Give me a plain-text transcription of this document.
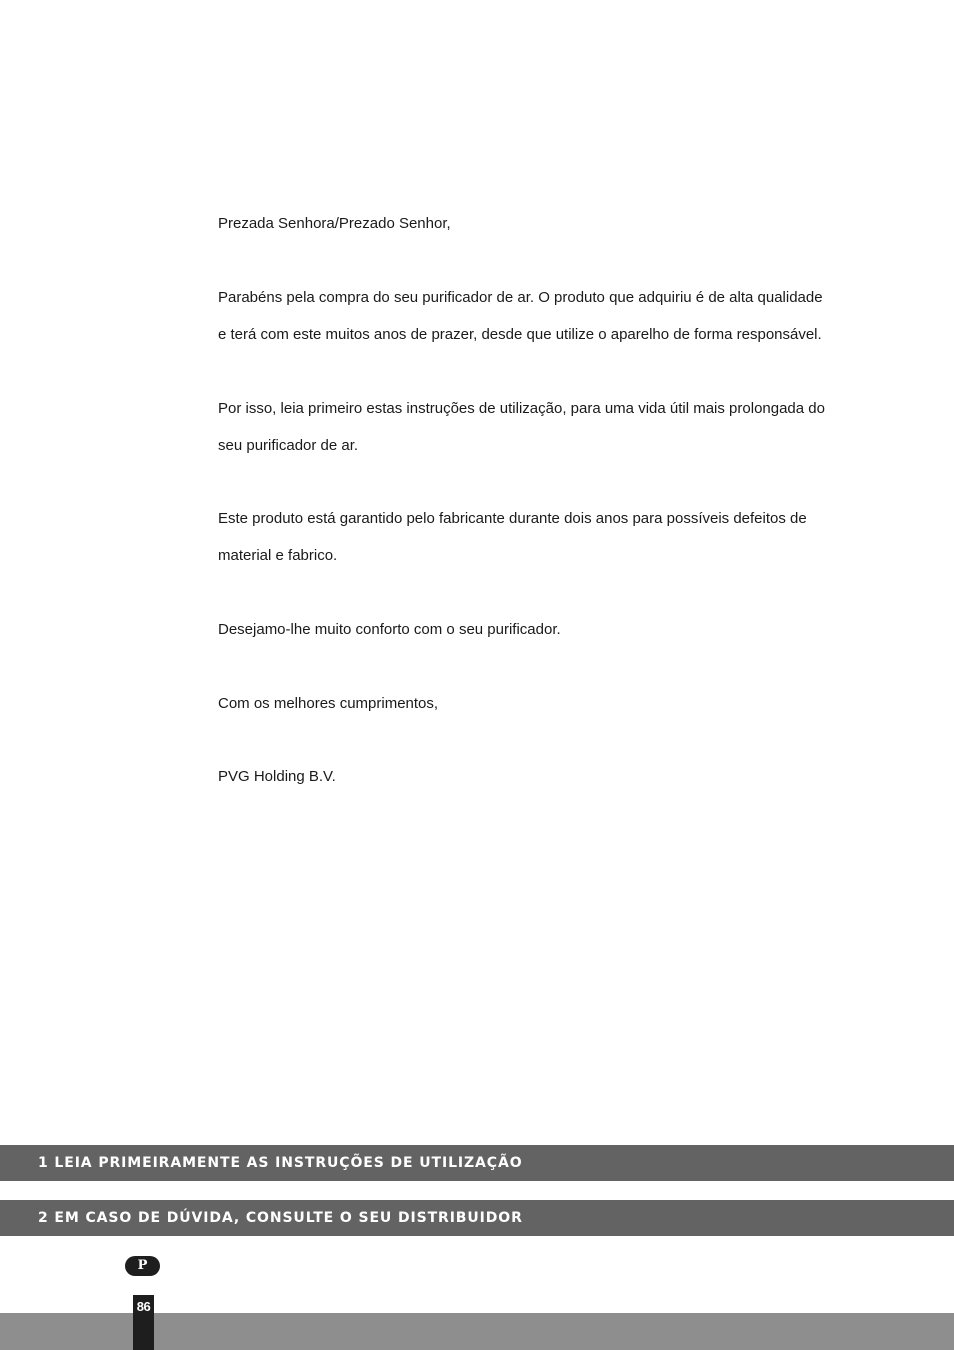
Prezada Senhora/Prezado Senhor,
Parabéns pela compra do seu purificador de ar. O produto que adquiriu é de alta qualidade
e terá com este muitos anos de prazer, desde que utilize o aparelho de forma responsável.
Por isso, leia primeiro estas instruções de utilização, para uma vida útil mais prolongada do
seu purificador de ar.
Este produto está garantido pelo fabricante durante dois anos para possíveis defeitos de
material e fabrico.
Desejamo-lhe muito conforto com o seu purificador.
Com os melhores cumprimentos,
PVG Holding B.V.
1 LEIA PRIMEIRAMENTE AS INSTRUÇÕES DE UTILIZAÇÃO
2 EM CASO DE DÚVIDA, CONSULTE O SEU DISTRIBUIDOR
P
86
